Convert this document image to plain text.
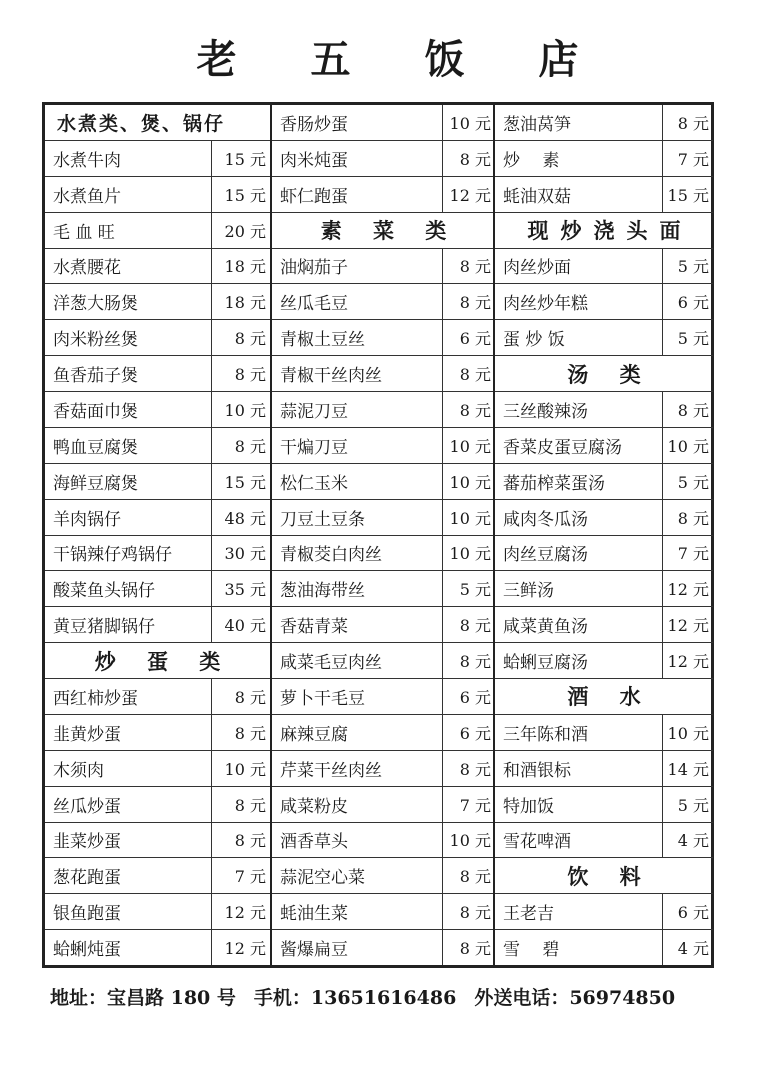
老 五 饭 店
水煮类、煲、锅仔
水煮牛肉	15 元
水煮鱼片	15 元
毛 血 旺	20 元
水煮腰花	18 元
洋葱大肠煲	18 元
肉米粉丝煲	8 元
鱼香茄子煲	8 元
香菇面巾煲	10 元
鸭血豆腐煲	8 元
海鲜豆腐煲	15 元
羊肉锅仔	48 元
干锅辣仔鸡锅仔	30 元
酸菜鱼头锅仔	35 元
黄豆猪脚锅仔	40 元
炒 蛋 类
西红柿炒蛋	8 元
韭黄炒蛋	8 元
木须肉	10 元
丝瓜炒蛋	8 元
韭菜炒蛋	8 元
葱花跑蛋	7 元
银鱼跑蛋	12 元
蛤蜊炖蛋	12 元
香肠炒蛋	10 元
肉米炖蛋	8 元
虾仁跑蛋	12 元
素 菜 类
油焖茄子	8 元
丝瓜毛豆	8 元
青椒土豆丝	6 元
青椒干丝肉丝	8 元
蒜泥刀豆	8 元
干煸刀豆	10 元
松仁玉米	10 元
刀豆土豆条	10 元
青椒茭白肉丝	10 元
葱油海带丝	5 元
香菇青菜	8 元
咸菜毛豆肉丝	8 元
萝卜干毛豆	6 元
麻辣豆腐	6 元
芹菜干丝肉丝	8 元
咸菜粉皮	7 元
酒香草头	10 元
蒜泥空心菜	8 元
蚝油生菜	8 元
酱爆扁豆	8 元
葱油莴笋	8 元
炒　 素	7 元
蚝油双菇	15 元
现炒浇头面
肉丝炒面	5 元
肉丝炒年糕	6 元
蛋 炒 饭	5 元
汤 类
三丝酸辣汤	8 元
香菜皮蛋豆腐汤	10 元
蕃茄榨菜蛋汤	5 元
咸肉冬瓜汤	8 元
肉丝豆腐汤	7 元
三鲜汤	12 元
咸菜黄鱼汤	12 元
蛤蜊豆腐汤	12 元
酒 水
三年陈和酒	10 元
和酒银标	14 元
特加饭	5 元
雪花啤酒	4 元
饮 料
王老吉	6 元
雪　 碧	4 元
地址：宝昌路 180 号 手机：13651616486 外送电话：56974850
